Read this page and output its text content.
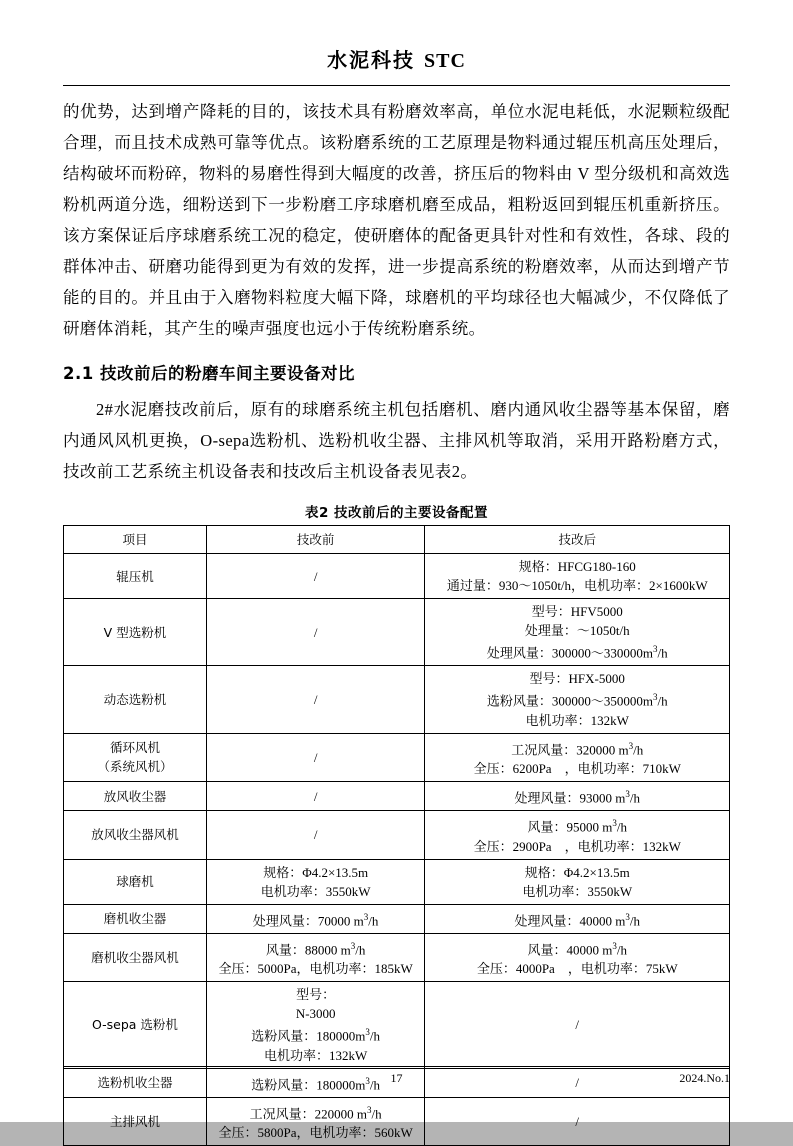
水泥科技 STC

的优势，达到增产降耗的目的，该技术具有粉磨效率高，单位水泥电耗低，水泥颗粒级配合理，而且技术成熟可靠等优点。该粉磨系统的工艺原理是物料通过辊压机高压处理后，结构破坏而粉碎，物料的易磨性得到大幅度的改善，挤压后的物料由 V 型分级机和高效选粉机两道分选，细粉送到下一步粉磨工序球磨机磨至成品，粗粉返回到辊压机重新挤压。该方案保证后序球磨系统工况的稳定，使研磨体的配备更具针对性和有效性，各球、段的群体冲击、研磨功能得到更为有效的发挥，进一步提高系统的粉磨效率，从而达到增产节能的目的。并且由于入磨物料粒度大幅下降，球磨机的平均球径也大幅减少，不仅降低了研磨体消耗，其产生的噪声强度也远小于传统粉磨系统。

2.1 技改前后的粉磨车间主要设备对比

2#水泥磨技改前后，原有的球磨系统主机包括磨机、磨内通风收尘器等基本保留，磨内通风风机更换，O-sepa选粉机、选粉机收尘器、主排风机等取消，采用开路粉磨方式，技改前工艺系统主机设备表和技改后主机设备表见表2。

表2 技改前后的主要设备配置
项目	技改前	技改后

辊压机	/	规格：HFCG180-160
通过量：930～1050t/h，电机功率：2×1600kW

V 型选粉机	/	型号：HFV5000
处理量：～1050t/h
处理风量：$300000\sim 330000m^3/h$

动态选粉机	/	型号：HFX-5000
选粉风量：$300000\sim 350000m^3/h$
电机功率：132kW

循环风机
（系统风机）	/	工况风量：320000 $m^3/h$
全压：6200Pa　，电机功率：710kW

放风收尘器	/	处理风量：93000 $m^3/h$

放风收尘器风机	/	风量：95000 $m^3/h$
全压：2900Pa　，电机功率：132kW

球磨机	规格：Φ4.2×13.5m
电机功率：3550kW	规格：Φ4.2×13.5m
电机功率：3550kW

磨机收尘器	处理风量：70000 $m^3/h$	处理风量：40000 $m^3/h$

磨机收尘器风机	风量：88000 $m^3/h$
全压：5000Pa，电机功率：185kW	风量：40000 $m^3/h$
全压：4000Pa　，电机功率：75kW

O-sepa 选粉机	型号：
N-3000
选粉风量：$180000m^3/h$
电机功率：132kW	/

选粉机收尘器	选粉风量：$180000m^3/h$	/

主排风机	工况风量：220000 $m^3/h$
全压：5800Pa，电机功率：560kW	/
17	2024.No.1
